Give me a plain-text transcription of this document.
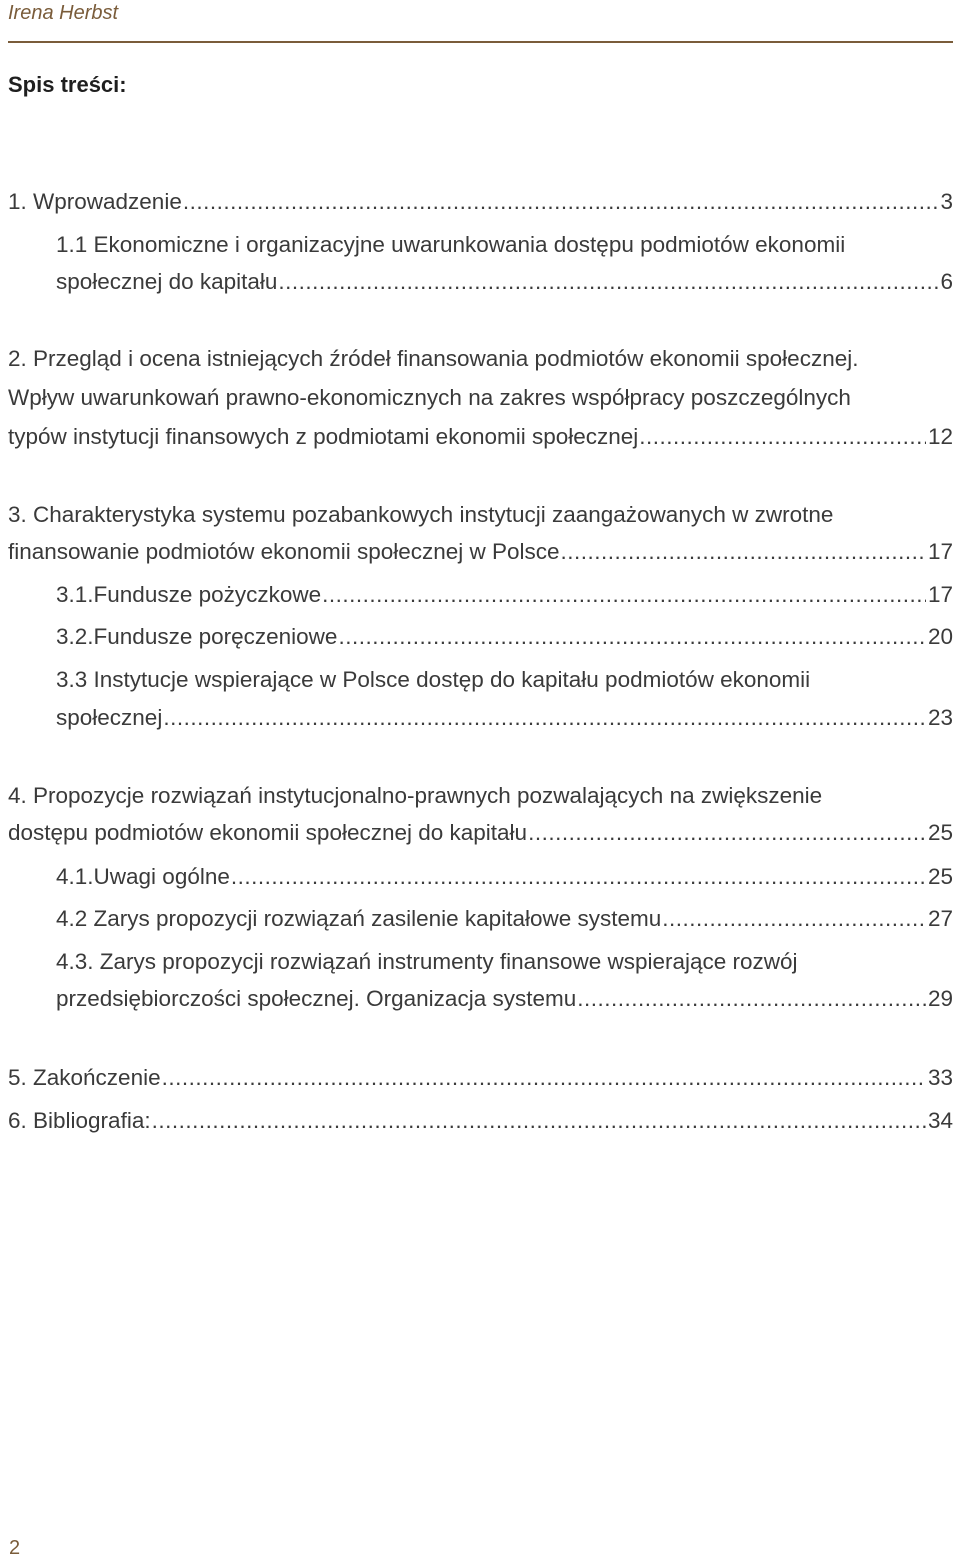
Irena Herbst
Spis treści:
1. Wprowadzenie .....	3
1.1 Ekonomiczne i organizacyjne uwarunkowania dostępu podmiotów ekonomii
społecznej do kapitału .....	6
2. Przegląd i ocena istniejących źródeł finansowania podmiotów ekonomii społecznej.
Wpływ uwarunkowań prawno-ekonomicznych na zakres współpracy poszczególnych
typów instytucji finansowych z podmiotami ekonomii społecznej .....	12
3. Charakterystyka systemu pozabankowych instytucji zaangażowanych w zwrotne
finansowanie podmiotów ekonomii społecznej w Polsce .....	17
3.1.Fundusze pożyczkowe .....	17
3.2.Fundusze poręczeniowe .....	20
3.3 Instytucje wspierające w Polsce dostęp do kapitału podmiotów ekonomii
społecznej .....	23
4. Propozycje rozwiązań instytucjonalno-prawnych pozwalających na zwiększenie
dostępu podmiotów ekonomii społecznej do kapitału .....	25
4.1.Uwagi ogólne .....	25
4.2 Zarys propozycji rozwiązań zasilenie kapitałowe systemu .....	27
4.3. Zarys propozycji rozwiązań instrumenty finansowe wspierające rozwój
przedsiębiorczości społecznej. Organizacja systemu .....	29
5. Zakończenie .....	33
6. Bibliografia: .....	34
2
